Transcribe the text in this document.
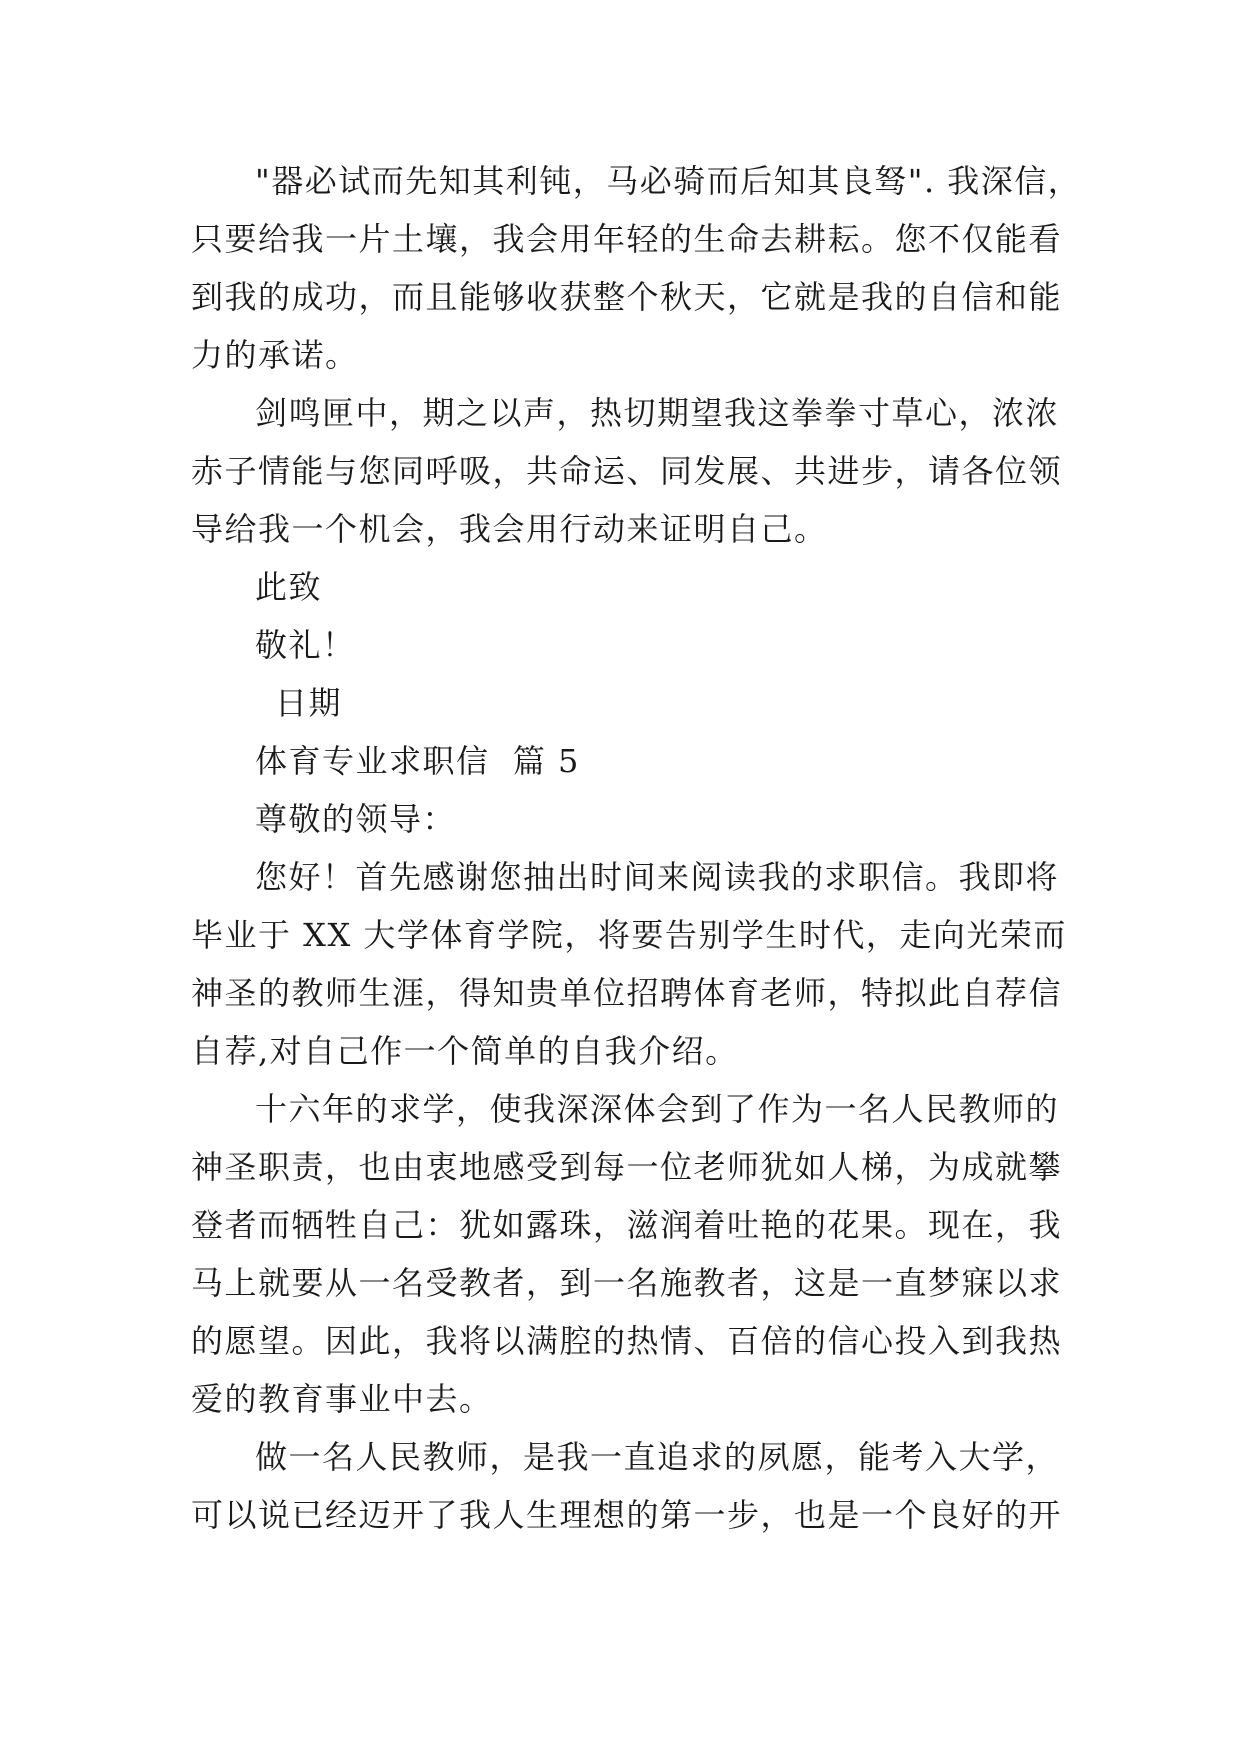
"器必试而先知其利钝，马必骑而后知其良驽". 我深信，

只要给我一片土壤，我会用年轻的生命去耕耘。您不仅能看

到我的成功，而且能够收获整个秋天，它就是我的自信和能

力的承诺。

剑鸣匣中，期之以声，热切期望我这拳拳寸草心，浓浓

赤子情能与您同呼吸，共命运、同发展、共进步，请各位领

导给我一个机会，我会用行动来证明自己。

此致

敬礼！

日期

体育专业求职信  篇 5

尊敬的领导：

您好！首先感谢您抽出时间来阅读我的求职信。我即将

毕业于 XX 大学体育学院，将要告别学生时代，走向光荣而

神圣的教师生涯，得知贵单位招聘体育老师，特拟此自荐信

自荐,对自己作一个简单的自我介绍。

十六年的求学，使我深深体会到了作为一名人民教师的

神圣职责，也由衷地感受到每一位老师犹如人梯，为成就攀

登者而牺牲自己：犹如露珠，滋润着吐艳的花果。现在，我

马上就要从一名受教者，到一名施教者，这是一直梦寐以求

的愿望。因此，我将以满腔的热情、百倍的信心投入到我热

爱的教育事业中去。

做一名人民教师，是我一直追求的夙愿，能考入大学，

可以说已经迈开了我人生理想的第一步，也是一个良好的开
